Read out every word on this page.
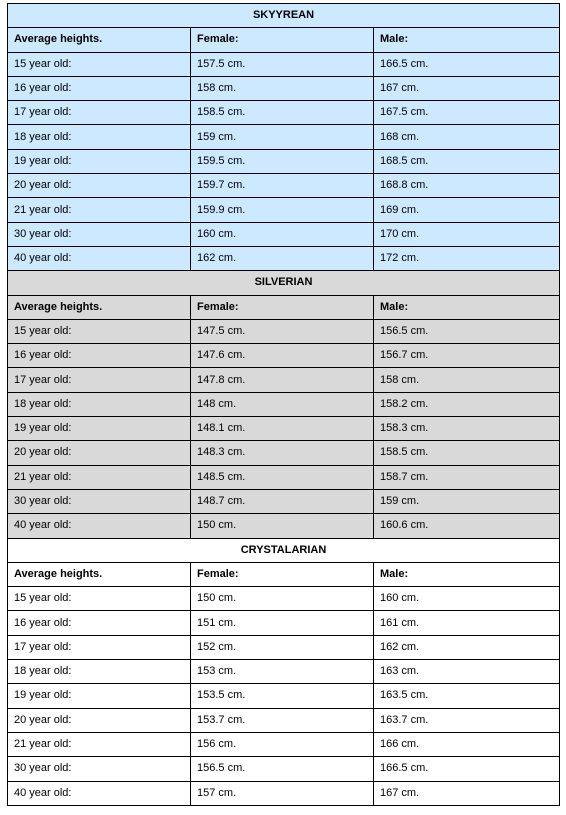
SKYYREAN		
Average heights.	Female:	Male:
15 year old:	157.5 cm.	166.5 cm.
16 year old:	158 cm.	167 cm.
17 year old:	158.5 cm.	167.5 cm.
18 year old:	159 cm.	168 cm.
19 year old:	159.5 cm.	168.5 cm.
20 year old:	159.7 cm.	168.8 cm.
21 year old:	159.9 cm.	169 cm.
30 year old:	160 cm.	170 cm.
40 year old:	162 cm.	172 cm.
SILVERIAN		
Average heights.	Female:	Male:
15 year old:	147.5 cm.	156.5 cm.
16 year old:	147.6 cm.	156.7 cm.
17 year old:	147.8 cm.	158 cm.
18 year old:	148 cm.	158.2 cm.
19 year old:	148.1 cm.	158.3 cm.
20 year old:	148.3 cm.	158.5 cm.
21 year old:	148.5 cm.	158.7 cm.
30 year old:	148.7 cm.	159 cm.
40 year old:	150 cm.	160.6 cm.
CRYSTALARIAN		
Average heights.	Female:	Male:
15 year old:	150 cm.	160 cm.
16 year old:	151 cm.	161 cm.
17 year old:	152 cm.	162 cm.
18 year old:	153 cm.	163 cm.
19 year old:	153.5 cm.	163.5 cm.
20 year old:	153.7 cm.	163.7 cm.
21 year old:	156 cm.	166 cm.
30 year old:	156.5 cm.	166.5 cm.
40 year old:	157 cm.	167 cm.
